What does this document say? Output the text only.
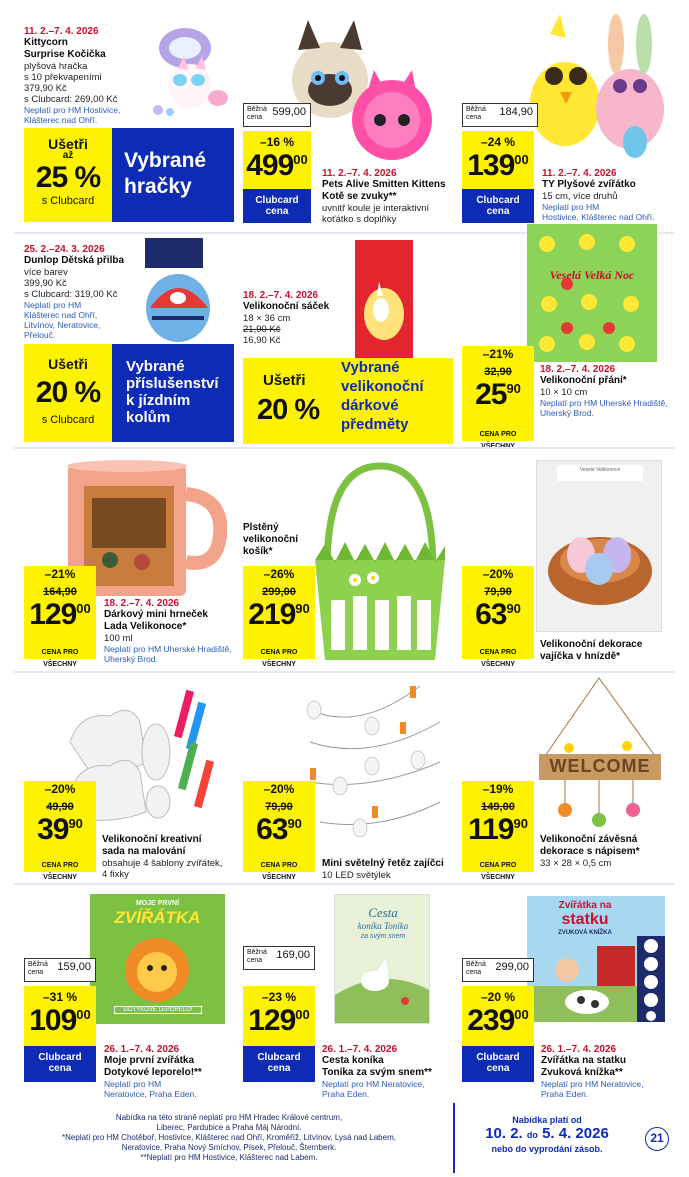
11. 2.–7. 4. 2026
Kittycorn
Surprise Kočička
plyšová hračka
s 10 překvapeními
379,90 Kč
s Clubcard: 269,00 Kč
Neplatí pro HM Hostivice, Klášterec nad Ohří.
Ušetři
až
25 %
s Clubcard
Vybrané
hračky
Běžná
cena 599,00
–16 %
49900
Clubcard
cena
11. 2.–7. 4. 2026
Pets Alive Smitten Kittens
Kotě se zvuky**
uvnitř koule je interaktivní
koťátko s doplňky
Běžná
cena	184,90
–24 %
13900
Clubcard
cena
11. 2.–7. 4. 2026
TY Plyšové zvířátko
15 cm, více druhů
Neplatí pro HM
Hostivice, Klášterec nad Ohří.
25. 2.–24. 3. 2026
Dunlop Dětská přilba
více barev
399,90 Kč
s Clubcard: 319,00 Kč
Neplatí pro HM
Klášterec nad Ohří,
Litvínov, Neratovice,
Přelouč.
Ušetři
20 %
s Clubcard
Vybrané
příslušenství
k jízdním
kolům
18. 2.–7. 4. 2026
Velikonoční sáček
18 × 36 cm
21,90 Kč
16,90 Kč
Ušetři
20 %
Vybrané
velikonoční
dárkové
předměty
Veselá Velká Noc
–21%
32,90
$25^{90}$
CENA PRO
18. 2.–7. 4. 2026
Velikonoční přání*
10 × 10 cm
Neplatí pro HM Uherské Hradiště,
Uherský Brod.
–21%
164,90
$129^{00}$
CENA PRO VŠECHNY
18. 2.–7. 4. 2026
Dárkový mini hrneček
Lada Velikonoce*
100 ml
Neplatí pro HM Uherské Hradiště,
Uherský Brod.
Plstěný
velikonoční
košík*
–26%
299,00
$219^{90}$
CENA PRO VŠECHNY
Veselé Velikonoce
–20%
79,90
$63^{90}$
CENA PRO VŠECHNY
Velikonoční dekorace
vajíčka v hnízdě*
–20%
49,90
$39^{90}$
CENA PRO VŠECHNY
Velikonoční kreativní
sada na malování
obsahuje 4 šablony zvířátek,
4 fixky
–20%
79,90
$63^{90}$
CENA PRO VŠECHNY
Mini světelný řetěz zajíčci
10 LED světýlek
WELCOME
–19%
149,00
$119^{90}$
CENA PRO VŠECHNY
Velikonoční závěsná
dekorace s nápisem*
33 × 28 × 0,5 cm
MOJE PRVNÍ
ZVÍŘÁTKA
DOTYKOVÉ LEPORELO!
Běžná
cena	159,00
–31 %
10900
Clubcard
cena
26. 1.–7. 4. 2026
Moje první zvířátka
Dotykové leporelo!**
Neplatí pro HM
Neratovice, Praha Eden.
Cesta
koníka Toníka
za svým snem
Běžná
cena	169,00
–23 %
12900
Clubcard
cena
26. 1.–7. 4. 2026
Cesta koníka
Toníka za svým snem**
Neplatí pro HM Neratovice,
Praha Eden.
Zvířátka na
statku
ZVUKOVÁ KNÍŽKA
Běžná
cena	299,00
–20 %
23900
Clubcard
cena
26. 1.–7. 4. 2026
Zvířátka na statku
Zvuková knížka**
Neplatí pro HM Neratovice,
Praha Eden.
Nabídka na této straně neplatí pro HM Hradec Králové centrum,
Liberec, Pardubice a Praha Máj Národní.
*Neplatí pro HM Chotěboř, Hostivice, Klášterec nad Ohří, Kroměříž, Litvínov, Lysá nad Labem,
Neratovice, Praha Nový Smíchov, Písek, Přelouč, Šternberk.
**Neplatí pro HM Hostivice, Klášterec nad Labem.
Nabídka platí od
10. 2. do 5. 4. 2026
nebo do vyprodání zásob.
21
